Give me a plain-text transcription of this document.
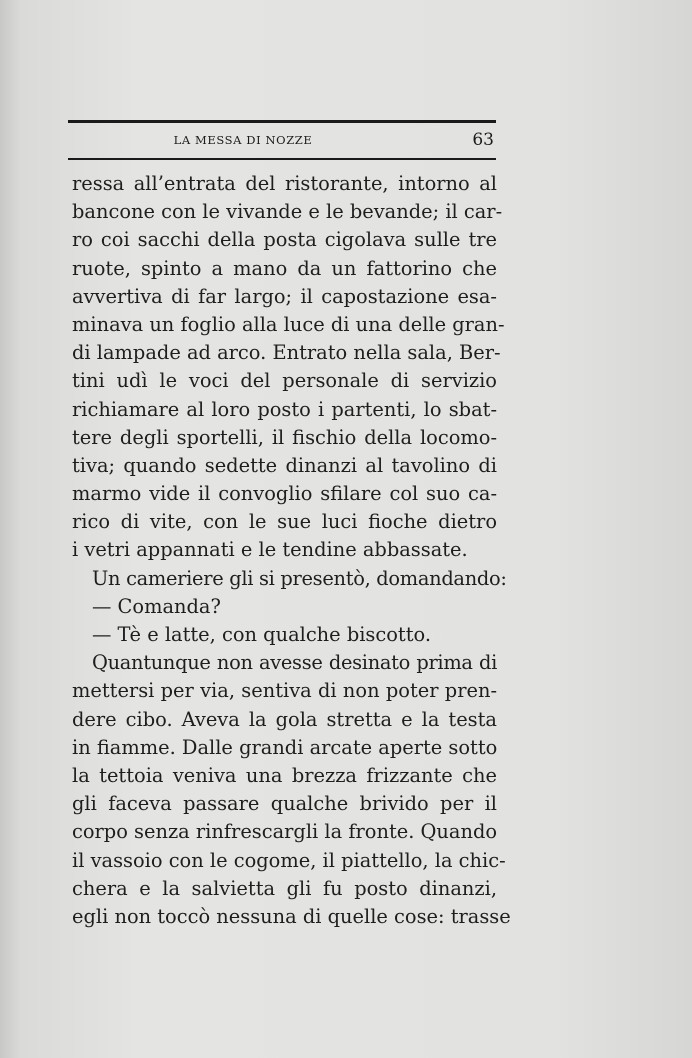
LA MESSA DI NOZZE	63
ressa all’entrata del ristorante, intorno al
bancone con le vivande e le bevande; il car-
ro coi sacchi della posta cigolava sulle tre
ruote, spinto a mano da un fattorino che
avvertiva di far largo; il capostazione esa-
minava un foglio alla luce di una delle gran-
di lampade ad arco. Entrato nella sala, Ber-
tini udì le voci del personale di servizio
richiamare al loro posto i partenti, lo sbat-
tere degli sportelli, il fischio della locomo-
tiva; quando sedette dinanzi al tavolino di
marmo vide il convoglio sfilare col suo ca-
rico di vite, con le sue luci fioche dietro
i vetri appannati e le tendine abbassate.
Un cameriere gli si presentò, domandando:
— Comanda?
— Tè e latte, con qualche biscotto.
Quantunque non avesse desinato prima di
mettersi per via, sentiva di non poter pren-
dere cibo. Aveva la gola stretta e la testa
in fiamme. Dalle grandi arcate aperte sotto
la tettoia veniva una brezza frizzante che
gli faceva passare qualche brivido per il
corpo senza rinfrescargli la fronte. Quando
il vassoio con le cogome, il piattello, la chic-
chera e la salvietta gli fu posto dinanzi,
egli non toccò nessuna di quelle cose: trasse
